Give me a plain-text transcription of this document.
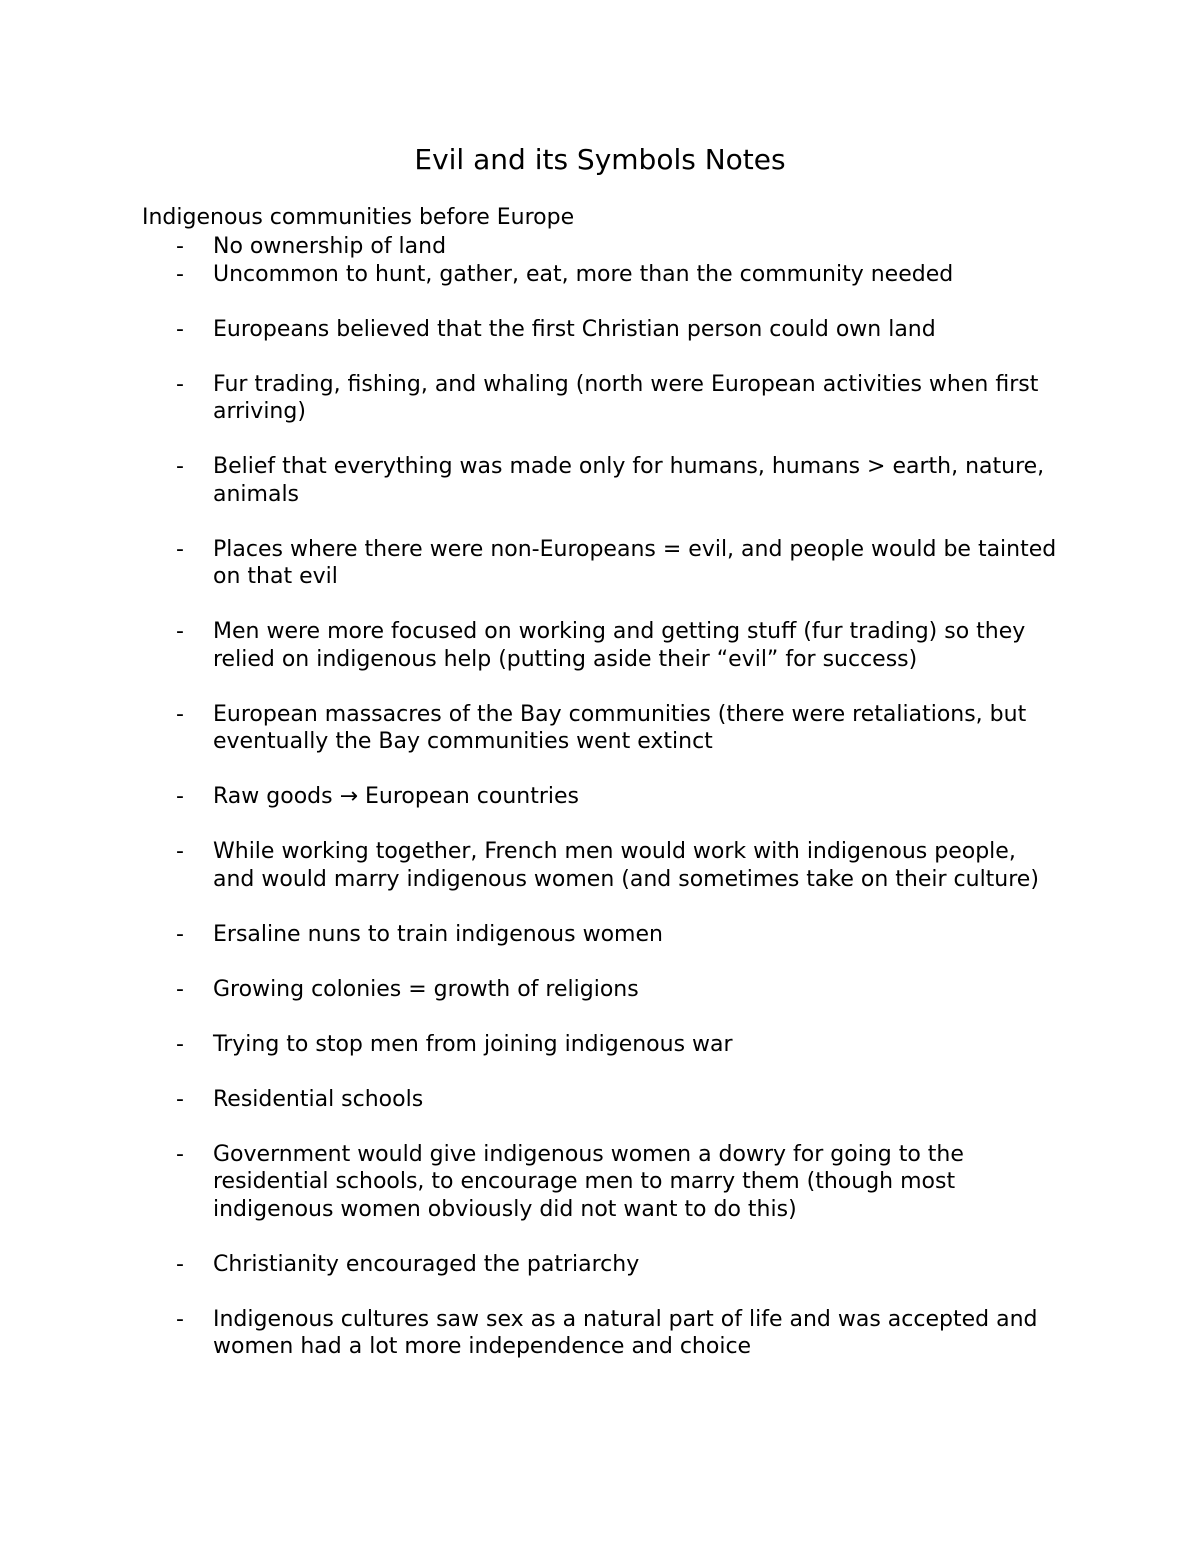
Evil and its Symbols Notes

Indigenous communities before Europe

- No ownership of land
- Uncommon to hunt, gather, eat, more than the community needed
- Europeans believed that the first Christian person could own land
- Fur trading, fishing, and whaling (north were European activities when first arriving)
- Belief that everything was made only for humans, humans > earth, nature, animals
- Places where there were non-Europeans = evil, and people would be tainted on that evil
- Men were more focused on working and getting stuff (fur trading) so they relied on indigenous help (putting aside their “evil” for success)
- European massacres of the Bay communities (there were retaliations, but eventually the Bay communities went extinct
- Raw goods → European countries
- While working together, French men would work with indigenous people, and would marry indigenous women (and sometimes take on their culture)
- Ersaline nuns to train indigenous women
- Growing colonies = growth of religions
- Trying to stop men from joining indigenous war
- Residential schools
- Government would give indigenous women a dowry for going to the residential schools, to encourage men to marry them (though most indigenous women obviously did not want to do this)
- Christianity encouraged the patriarchy
- Indigenous cultures saw sex as a natural part of life and was accepted and women had a lot more independence and choice
